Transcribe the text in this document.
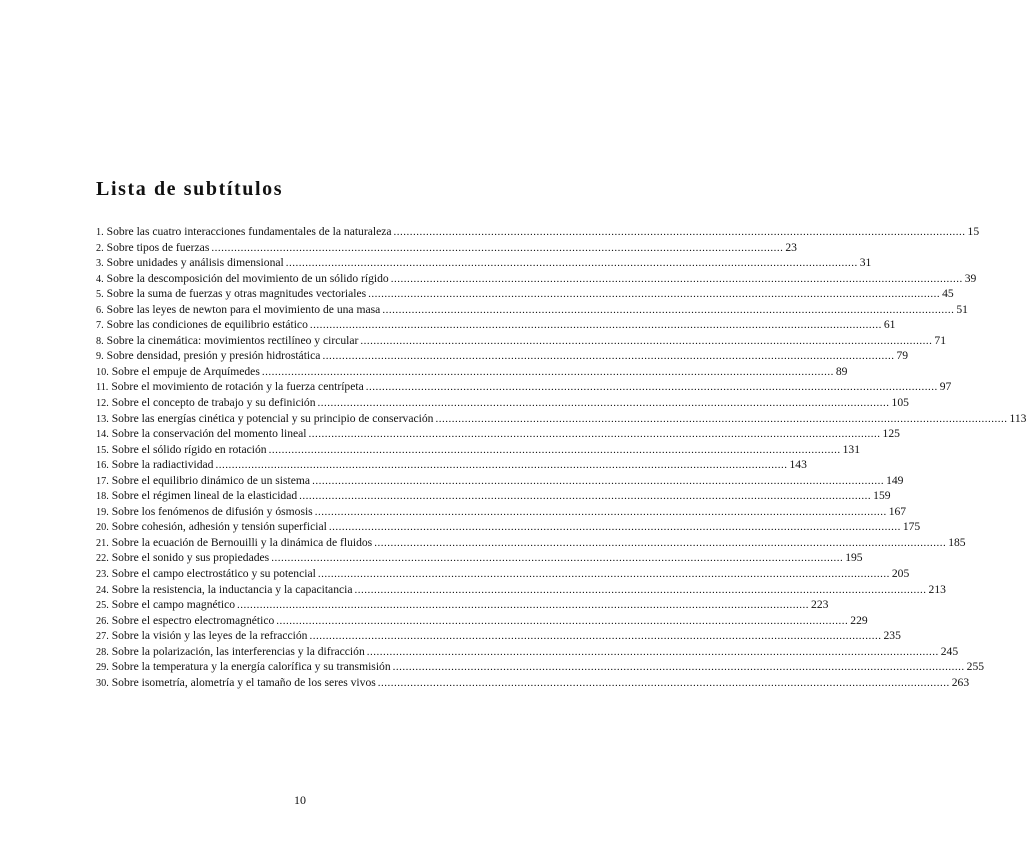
Lista de subtítulos
1. Sobre las cuatro interacciones fundamentales de la naturaleza .....	15
2. Sobre tipos de fuerzas .....	23
3. Sobre unidades y análisis dimensional .....	31
4. Sobre la descomposición del movimiento de un sólido rígido .....	39
5. Sobre la suma de fuerzas y otras magnitudes vectoriales .....	45
6. Sobre las leyes de newton para el movimiento de una masa .....	51
7. Sobre las condiciones de equilibrio estático .....	61
8. Sobre la cinemática: movimientos rectilíneo y circular .....	71
9. Sobre densidad, presión y presión hidrostática .....	79
10. Sobre el empuje de Arquímedes .....	89
11. Sobre el movimiento de rotación y la fuerza centrípeta .....	97
12. Sobre el concepto de trabajo y su definición .....	105
13. Sobre las energías cinética y potencial y su principio de conservación .....	113
14. Sobre la conservación del momento lineal .....	125
15. Sobre el sólido rígido en rotación .....	131
16. Sobre la radiactividad .....	143
17. Sobre el equilibrio dinámico de un sistema .....	149
18. Sobre el régimen lineal de la elasticidad .....	159
19. Sobre los fenómenos de difusión y ósmosis .....	167
20. Sobre cohesión, adhesión y tensión superficial .....	175
21. Sobre la ecuación de Bernouilli y la dinámica de fluidos .....	185
22. Sobre el sonido y sus propiedades .....	195
23. Sobre el campo electrostático y su potencial .....	205
24. Sobre la resistencia, la inductancia y la capacitancia .....	213
25. Sobre el campo magnético .....	223
26. Sobre el espectro electromagnético .....	229
27. Sobre la visión y las leyes de la refracción .....	235
28. Sobre la polarización, las interferencias y la difracción .....	245
29. Sobre la temperatura y la energía calorífica y su transmisión .....	255
30. Sobre isometría, alometría y el tamaño de los seres vivos .....	263
10
